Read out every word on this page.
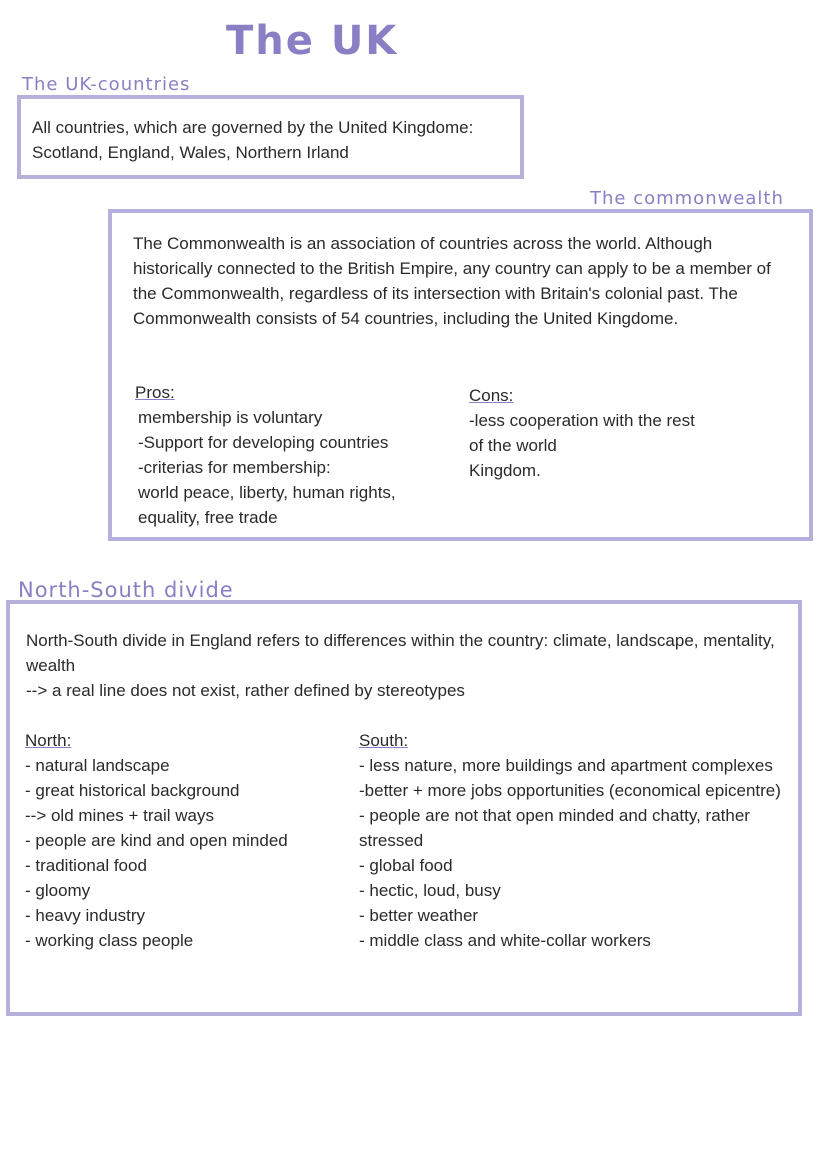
The UK
The UK-countries
All countries, which are governed by the United Kingdome: Scotland, England, Wales, Northern Irland
The commonwealth
The Commonwealth is an association of countries across the world. Although historically connected to the British Empire, any country can apply to be a member of the Commonwealth, regardless of its intersection with Britain's colonial past. The Commonwealth consists of 54 countries, including the United Kingdome.
Pros:
membership is voluntary
-Support for developing countries
-criterias for membership:
world peace, liberty, human rights, equality, free trade
Cons:
-less cooperation with the rest of the world
Kingdom.
North-South divide
North-South divide in England refers to differences within the country: climate, landscape, mentality, wealth
--> a real line does not exist, rather defined by stereotypes
North:
- natural landscape
- great historical background
--> old mines + trail ways
- people are kind and open minded
- traditional food
- gloomy
- heavy industry
- working class people
South:
- less nature, more buildings and apartment complexes
-better + more jobs opportunities (economical epicentre)
- people are not that open minded and chatty, rather stressed
- global food
- hectic, loud, busy
- better weather
- middle class and white-collar workers
